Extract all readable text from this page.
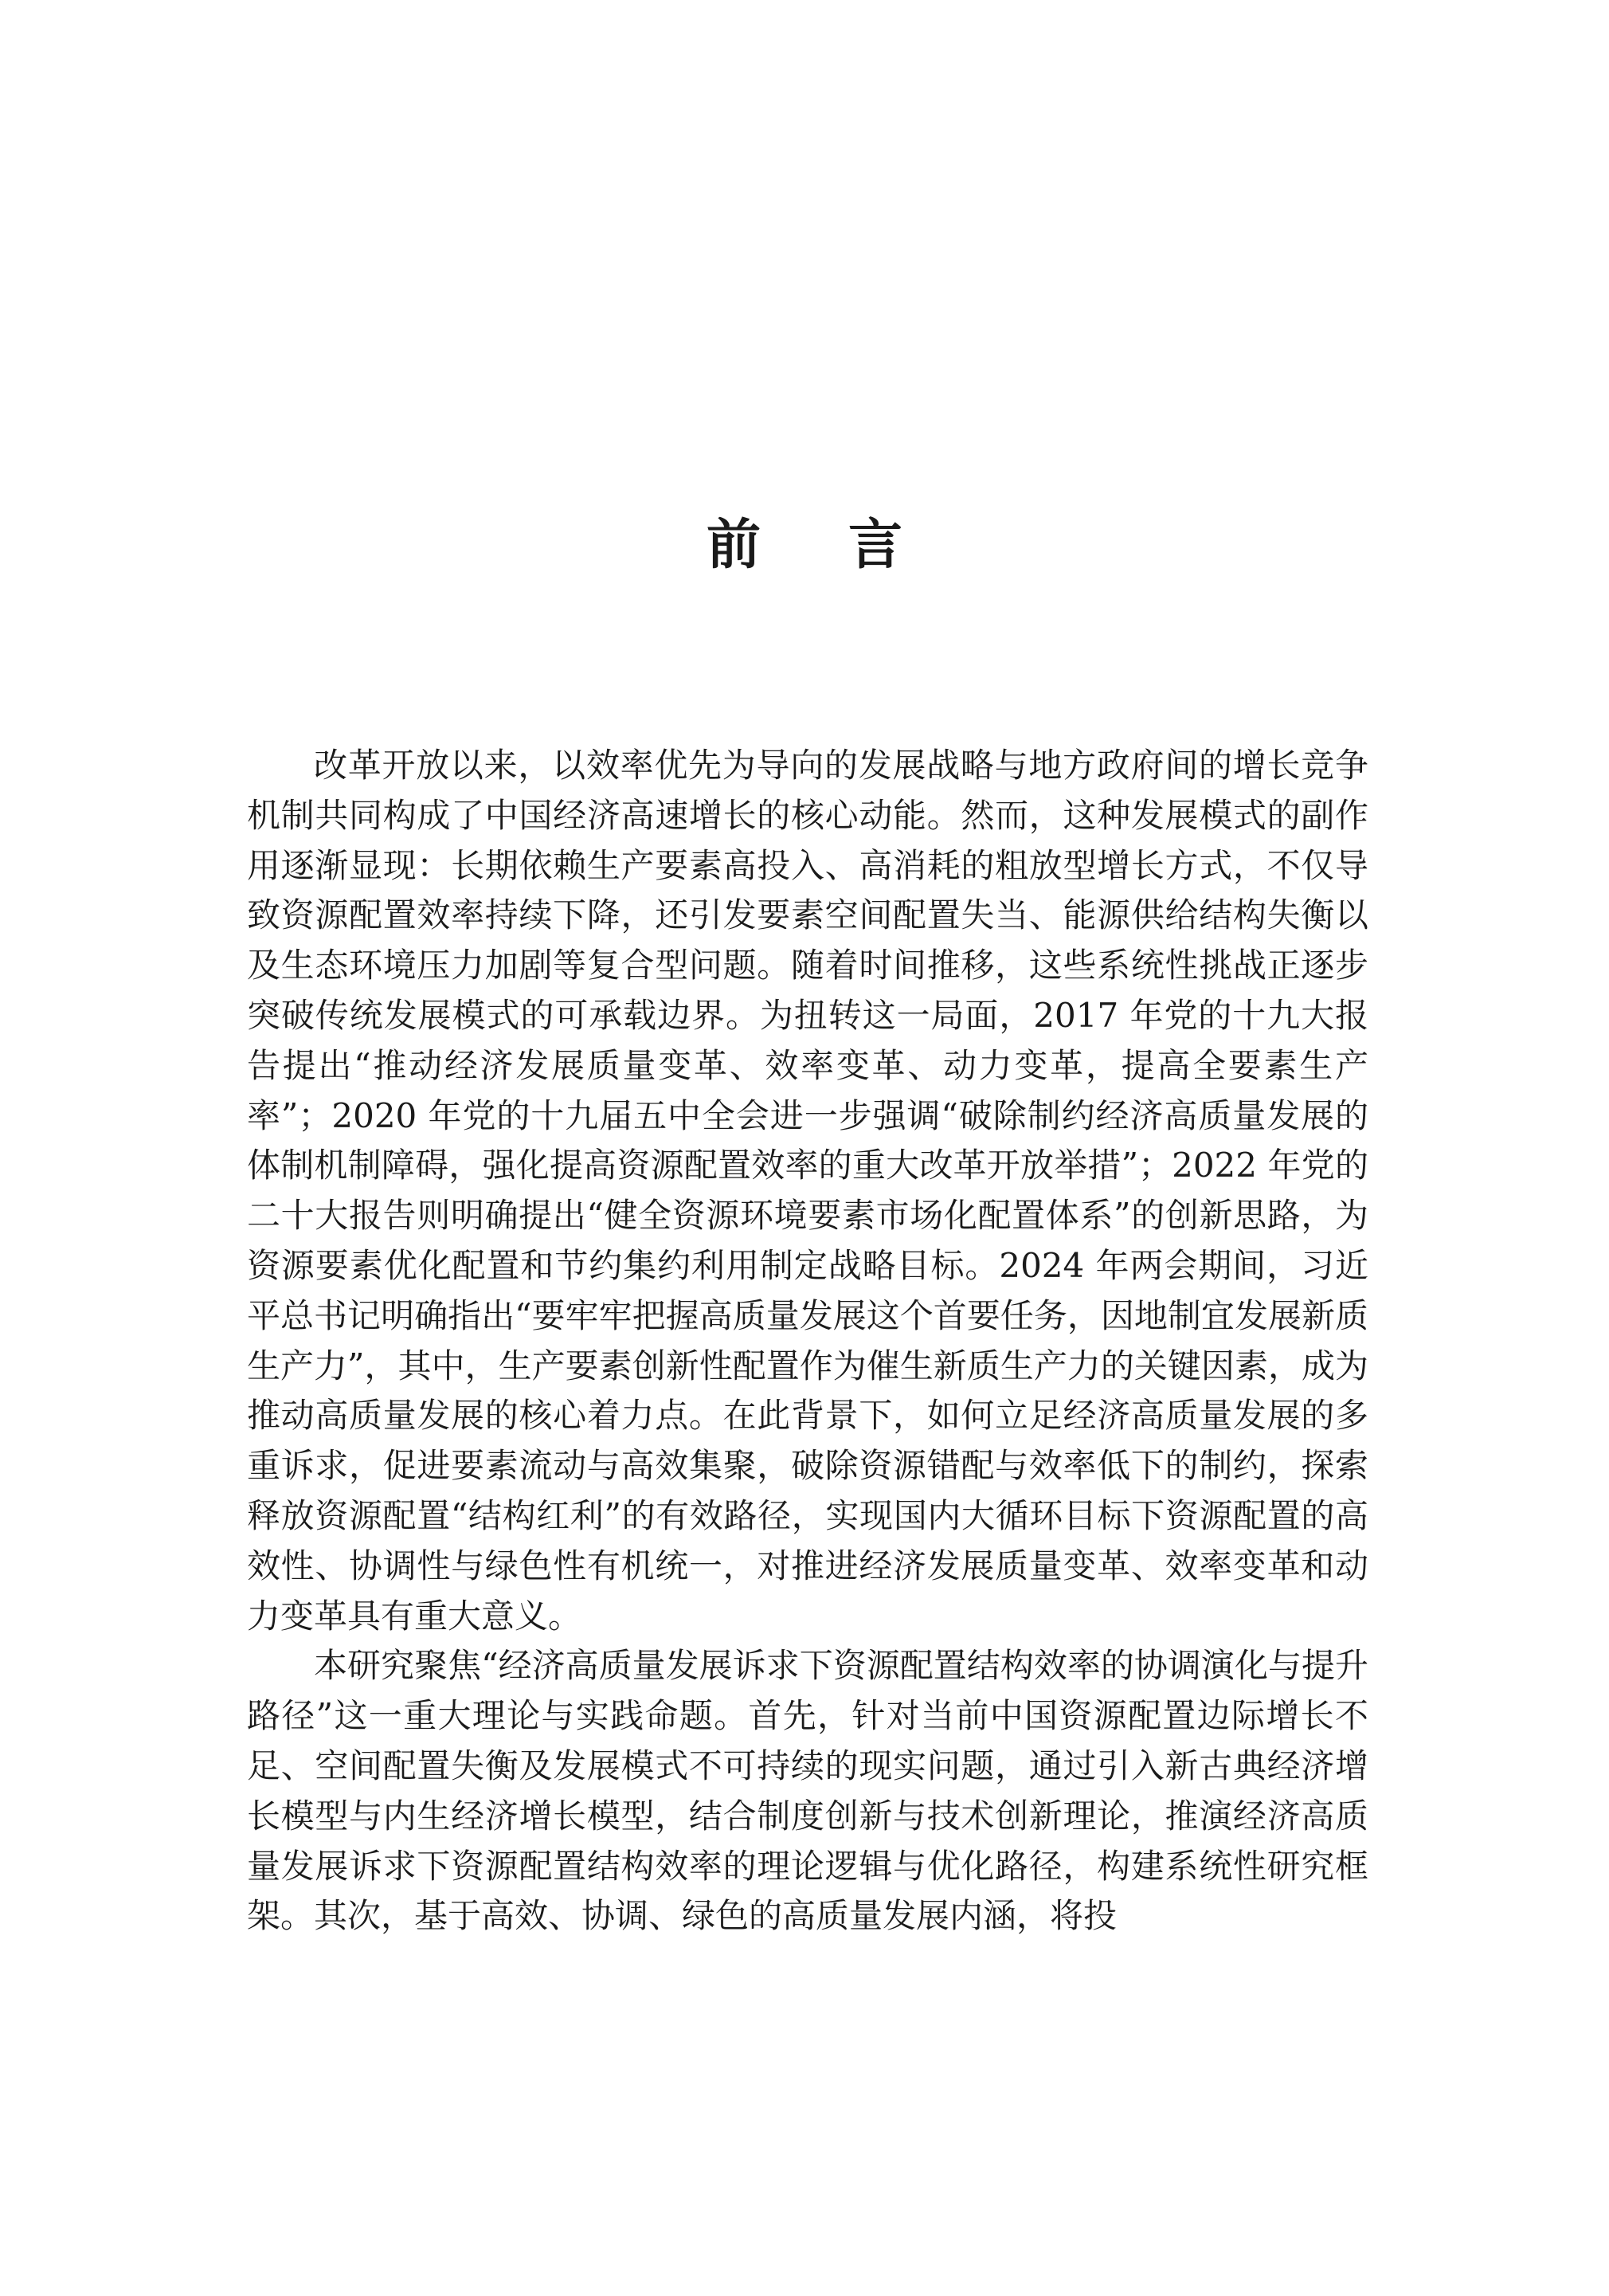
前言

改革开放以来，以效率优先为导向的发展战略与地方政府间的增长竞争机制共同构成了中国经济高速增长的核心动能。然而，这种发展模式的副作用逐渐显现：长期依赖生产要素高投入、高消耗的粗放型增长方式，不仅导致资源配置效率持续下降，还引发要素空间配置失当、能源供给结构失衡以及生态环境压力加剧等复合型问题。随着时间推移，这些系统性挑战正逐步突破传统发展模式的可承载边界。为扭转这一局面，2017 年党的十九大报告提出“推动经济发展质量变革、效率变革、动力变革，提高全要素生产率”；2020 年党的十九届五中全会进一步强调“破除制约经济高质量发展的体制机制障碍，强化提高资源配置效率的重大改革开放举措”；2022 年党的二十大报告则明确提出“健全资源环境要素市场化配置体系”的创新思路，为资源要素优化配置和节约集约利用制定战略目标。2024 年两会期间，习近平总书记明确指出“要牢牢把握高质量发展这个首要任务，因地制宜发展新质生产力”，其中，生产要素创新性配置作为催生新质生产力的关键因素，成为推动高质量发展的核心着力点。在此背景下，如何立足经济高质量发展的多重诉求，促进要素流动与高效集聚，破除资源错配与效率低下的制约，探索释放资源配置“结构红利”的有效路径，实现国内大循环目标下资源配置的高效性、协调性与绿色性有机统一，对推进经济发展质量变革、效率变革和动力变革具有重大意义。

本研究聚焦“经济高质量发展诉求下资源配置结构效率的协调演化与提升路径”这一重大理论与实践命题。首先，针对当前中国资源配置边际增长不足、空间配置失衡及发展模式不可持续的现实问题，通过引入新古典经济增长模型与内生经济增长模型，结合制度创新与技术创新理论，推演经济高质量发展诉求下资源配置结构效率的理论逻辑与优化路径，构建系统性研究框架。其次，基于高效、协调、绿色的高质量发展内涵，将投
